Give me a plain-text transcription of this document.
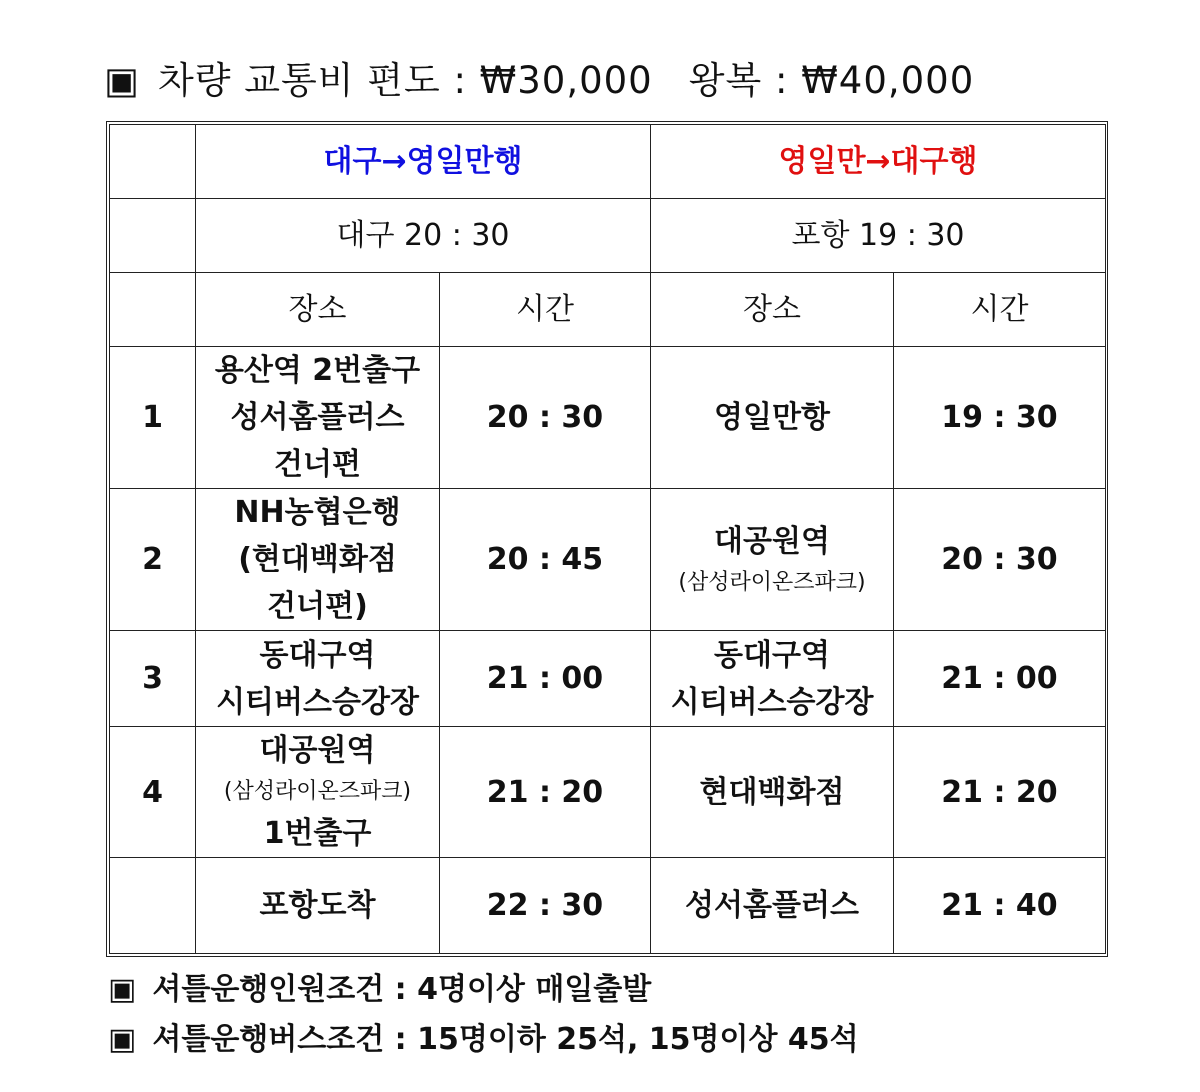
▣ 차량 교통비 편도 : ₩30,000 왕복 : ₩40,000
	대구→영일만행		영일만→대구행	
	대구 20 : 30		포항 19 : 30	
	장소	시간	장소	시간
1	용산역 2번출구
성서홈플러스
건너편	20 : 30	영일만항	19 : 30
2	NH농협은행
(현대백화점
건너편)	20 : 45	대공원역
(삼성라이온즈파크)	20 : 30
3	동대구역
시티버스승강장	21 : 00	동대구역
시티버스승강장	21 : 00
4	대공원역
(삼성라이온즈파크)
1번출구	21 : 20	현대백화점	21 : 20

	포항도착	22 : 30	성서홈플러스	21 : 40
▣ 셔틀운행인원조건 : 4명이상 매일출발
▣ 셔틀운행버스조건 : 15명이하 25석, 15명이상 45석
